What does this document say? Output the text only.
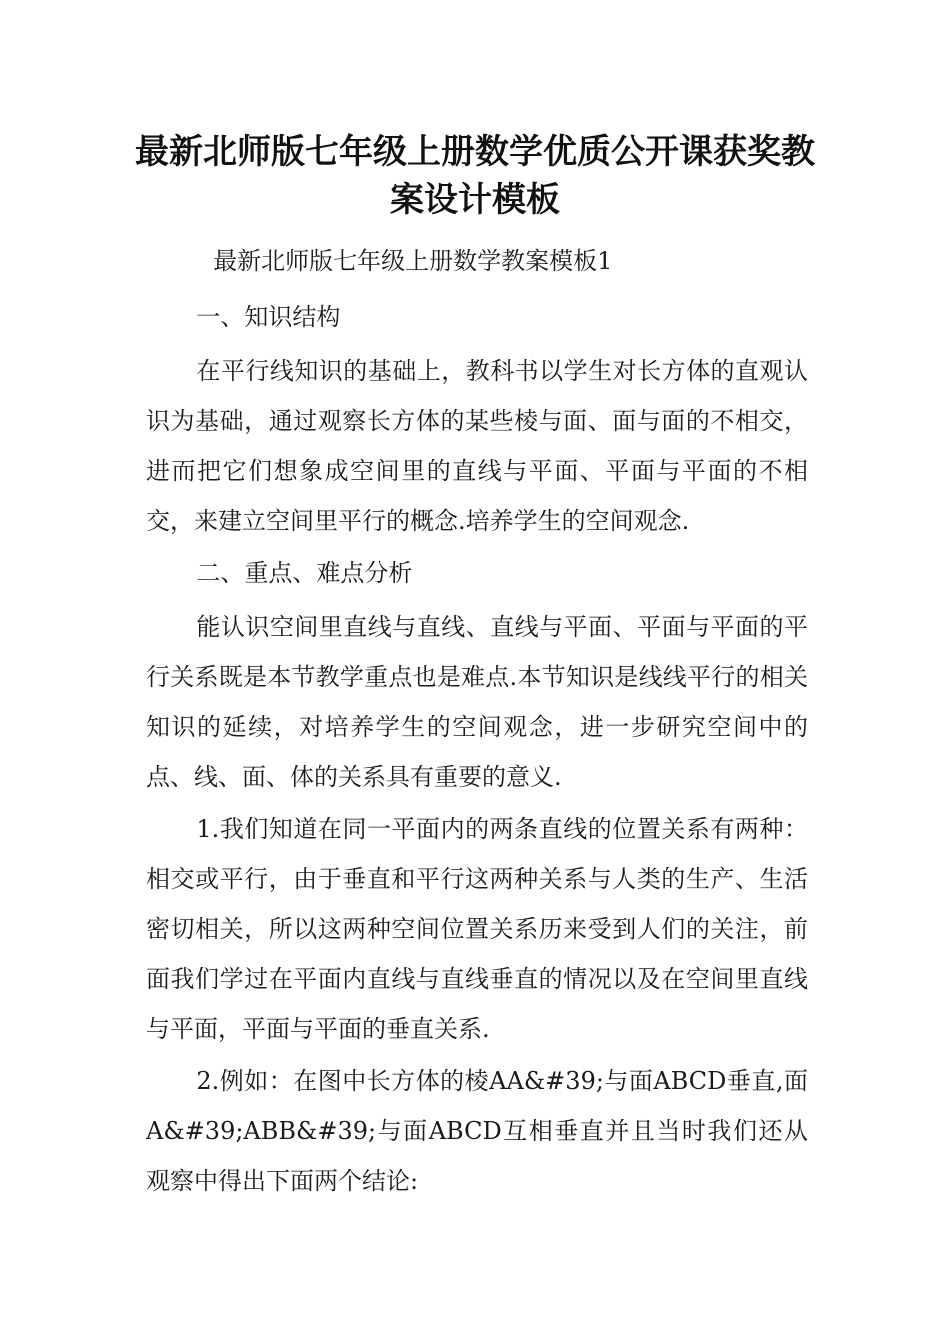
最新北师版七年级上册数学优质公开课获奖教案设计模板

最新北师版七年级上册数学教案模板1

一、知识结构

在平行线知识的基础上，教科书以学生对长方体的直观认识为基础，通过观察长方体的某些棱与面、面与面的不相交，进而把它们想象成空间里的直线与平面、平面与平面的不相交，来建立空间里平行的概念.培养学生的空间观念.

二、重点、难点分析

能认识空间里直线与直线、直线与平面、平面与平面的平行关系既是本节教学重点也是难点.本节知识是线线平行的相关知识的延续，对培养学生的空间观念，进一步研究空间中的点、线、面、体的关系具有重要的意义.

1.我们知道在同一平面内的两条直线的位置关系有两种：相交或平行，由于垂直和平行这两种关系与人类的生产、生活密切相关，所以这两种空间位置关系历来受到人们的关注，前面我们学过在平面内直线与直线垂直的情况以及在空间里直线与平面，平面与平面的垂直关系.

2.例如：在图中长方体的棱AA&#39;与面ABCD垂直,面A&#39;ABB&#39;与面ABCD互相垂直并且当时我们还从观察中得出下面两个结论:
